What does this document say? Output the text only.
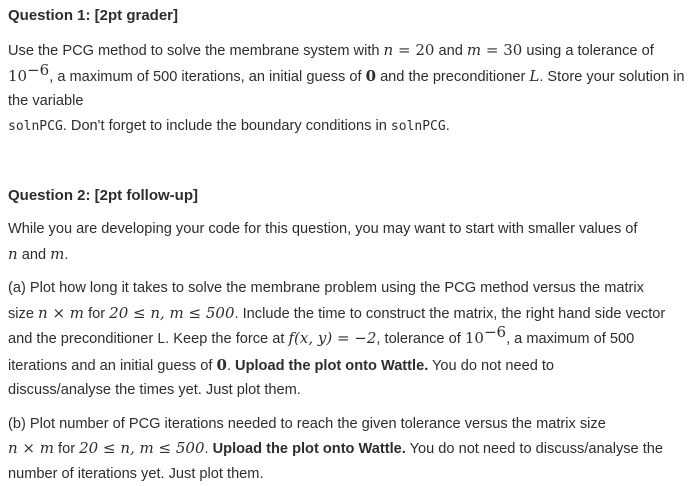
Question 1: [2pt grader]

Use the PCG method to solve the membrane system with n = 20 and m = 30 using a tolerance of

$10^{-6}$, a maximum of 500 iterations, an initial guess of 0 and the preconditioner L. Store your solution in the variable

solnPCG. Don't forget to include the boundary conditions in solnPCG.

Question 2: [2pt follow-up]

While you are developing your code for this question, you may want to start with smaller values of

n and m.

(a) Plot how long it takes to solve the membrane problem using the PCG method versus the matrix

size n × m for 20 ≤ n, m ≤ 500. Include the time to construct the matrix, the right hand side vector

and the preconditioner L. Keep the force at f(x, y) = −2, tolerance of $10^{-6}$, a maximum of 500

iterations and an initial guess of 0. Upload the plot onto Wattle. You do not need to

discuss/analyse the times yet. Just plot them.

(b) Plot number of PCG iterations needed to reach the given tolerance versus the matrix size

n × m for 20 ≤ n, m ≤ 500. Upload the plot onto Wattle. You do not need to discuss/analyse the

number of iterations yet. Just plot them.
